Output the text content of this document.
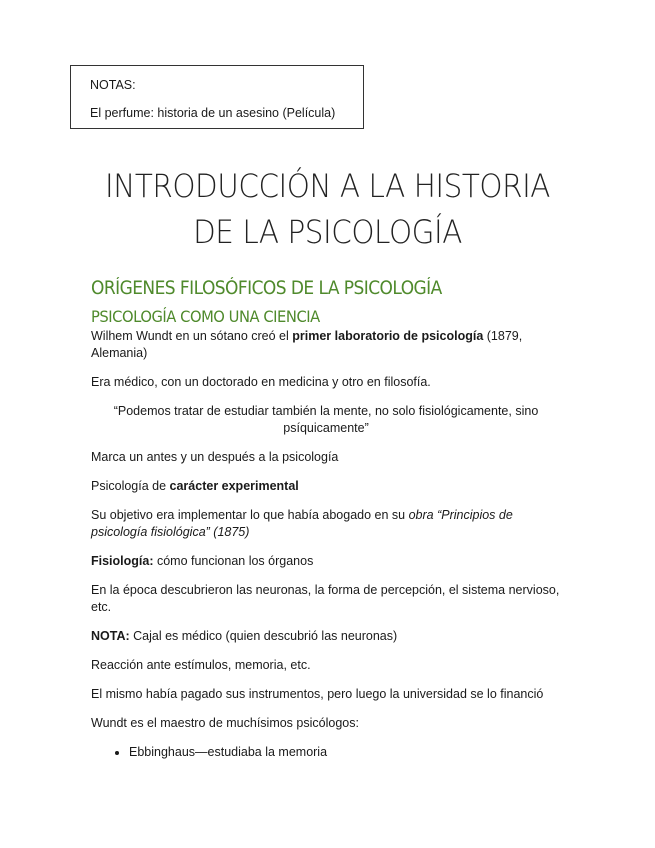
NOTAS:
El perfume: historia de un asesino (Película)
INTRODUCCIÓN A LA HISTORIA
DE LA PSICOLOGÍA
ORÍGENES FILOSÓFICOS DE LA PSICOLOGÍA
PSICOLOGÍA COMO UNA CIENCIA

Wilhem Wundt en un sótano creó el primer laboratorio de psicología (1879, Alemania)

Era médico, con un doctorado en medicina y otro en filosofía.

“Podemos tratar de estudiar también la mente, no solo fisiológicamente, sino psíquicamente”

Marca un antes y un después a la psicología

Psicología de carácter experimental

Su objetivo era implementar lo que había abogado en su obra “Principios de psicología fisiológica” (1875)

Fisiología: cómo funcionan los órganos

En la época descubrieron las neuronas, la forma de percepción, el sistema nervioso, etc.

NOTA: Cajal es médico (quien descubrió las neuronas)

Reacción ante estímulos, memoria, etc.

El mismo había pagado sus instrumentos, pero luego la universidad se lo financió

Wundt es el maestro de muchísimos psicólogos:

• Ebbinghaus—estudiaba la memoria
